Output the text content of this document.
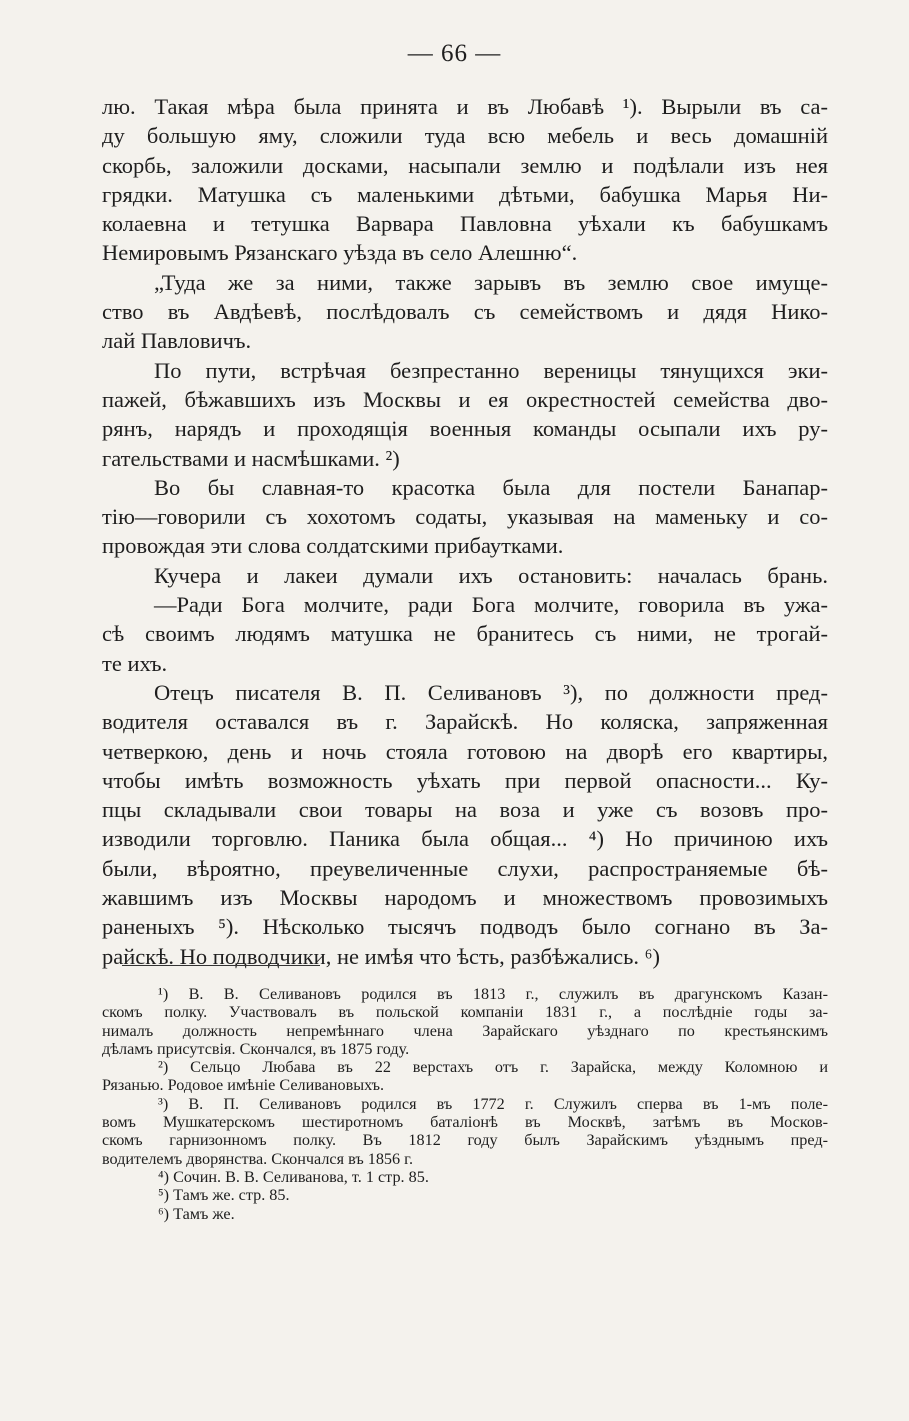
— 66 —
лю. Такая мѣра была принята и въ Любавѣ ¹). Вырыли въ са-
ду большую яму, сложили туда всю мебель и весь домашній
скорбь, заложили досками, насыпали землю и подѣлали изъ нея
грядки. Матушка съ маленькими дѣтьми, бабушка Марья Ни-
колаевна и тетушка Варвара Павловна уѣхали къ бабушкамъ
Немировымъ Рязанскаго уѣзда въ село Алешню“.
„Туда же за ними, также зарывъ въ землю свое имуще-
ство въ Авдѣевѣ, послѣдовалъ съ семействомъ и дядя Нико-
лай Павловичъ.
По пути, встрѣчая безпрестанно вереницы тянущихся эки-
пажей, бѣжавшихъ изъ Москвы и ея окрестностей семейства дво-
рянъ, нарядъ и проходящія военныя команды осыпали ихъ ру-
гательствами и насмѣшками. ²)
Во бы славная-то красотка была для постели Банапар-
тію—говорили съ хохотомъ содаты, указывая на маменьку и со-
провождая эти слова солдатскими прибаутками.
Кучера и лакеи думали ихъ остановить: началась брань.
—Ради Бога молчите, ради Бога молчите, говорила въ ужа-
сѣ своимъ людямъ матушка не бранитесь съ ними, не трогай-
те ихъ.
Отецъ писателя В. П. Селивановъ ³), по должности пред-
водителя оставался въ г. Зарайскѣ. Но коляска, запряженная
четверкою, день и ночь стояла готовою на дворѣ его квартиры,
чтобы имѣть возможность уѣхать при первой опасности... Ку-
пцы складывали свои товары на воза и уже съ возовъ про-
изводили торговлю. Паника была общая... ⁴) Но причиною ихъ
были, вѣроятно, преувеличенные слухи, распространяемые бѣ-
жавшимъ изъ Москвы народомъ и множествомъ провозимыхъ
раненыхъ ⁵). Нѣсколько тысячъ подводъ было согнано въ За-
райскѣ. Но подводчики, не имѣя что ѣсть, разбѣжались. ⁶)
¹) В. В. Селивановъ родился въ 1813 г., служилъ въ драгунскомъ Казан-
скомъ полку. Участвовалъ въ польской компаніи 1831 г., а послѣдніе годы за-
нималъ должность непремѣннаго члена Зарайскаго уѣзднаго по крестьянскимъ
дѣламъ присутсвія. Скончался, въ 1875 году.
²) Сельцо Любава въ 22 верстахъ отъ г. Зарайска, между Коломною и
Рязанью. Родовое имѣніе Селивановыхъ.
³) В. П. Селивановъ родился въ 1772 г. Служилъ сперва въ 1-мъ поле-
вомъ Мушкатерскомъ шестиротномъ баталіонѣ въ Москвѣ, затѣмъ въ Москов-
скомъ гарнизонномъ полку. Въ 1812 году былъ Зарайскимъ уѣзднымъ пред-
водителемъ дворянства. Скончался въ 1856 г.
⁴) Сочин. В. В. Селиванова, т. 1 стр. 85.
⁵) Тамъ же. стр. 85.
⁶) Тамъ же.
